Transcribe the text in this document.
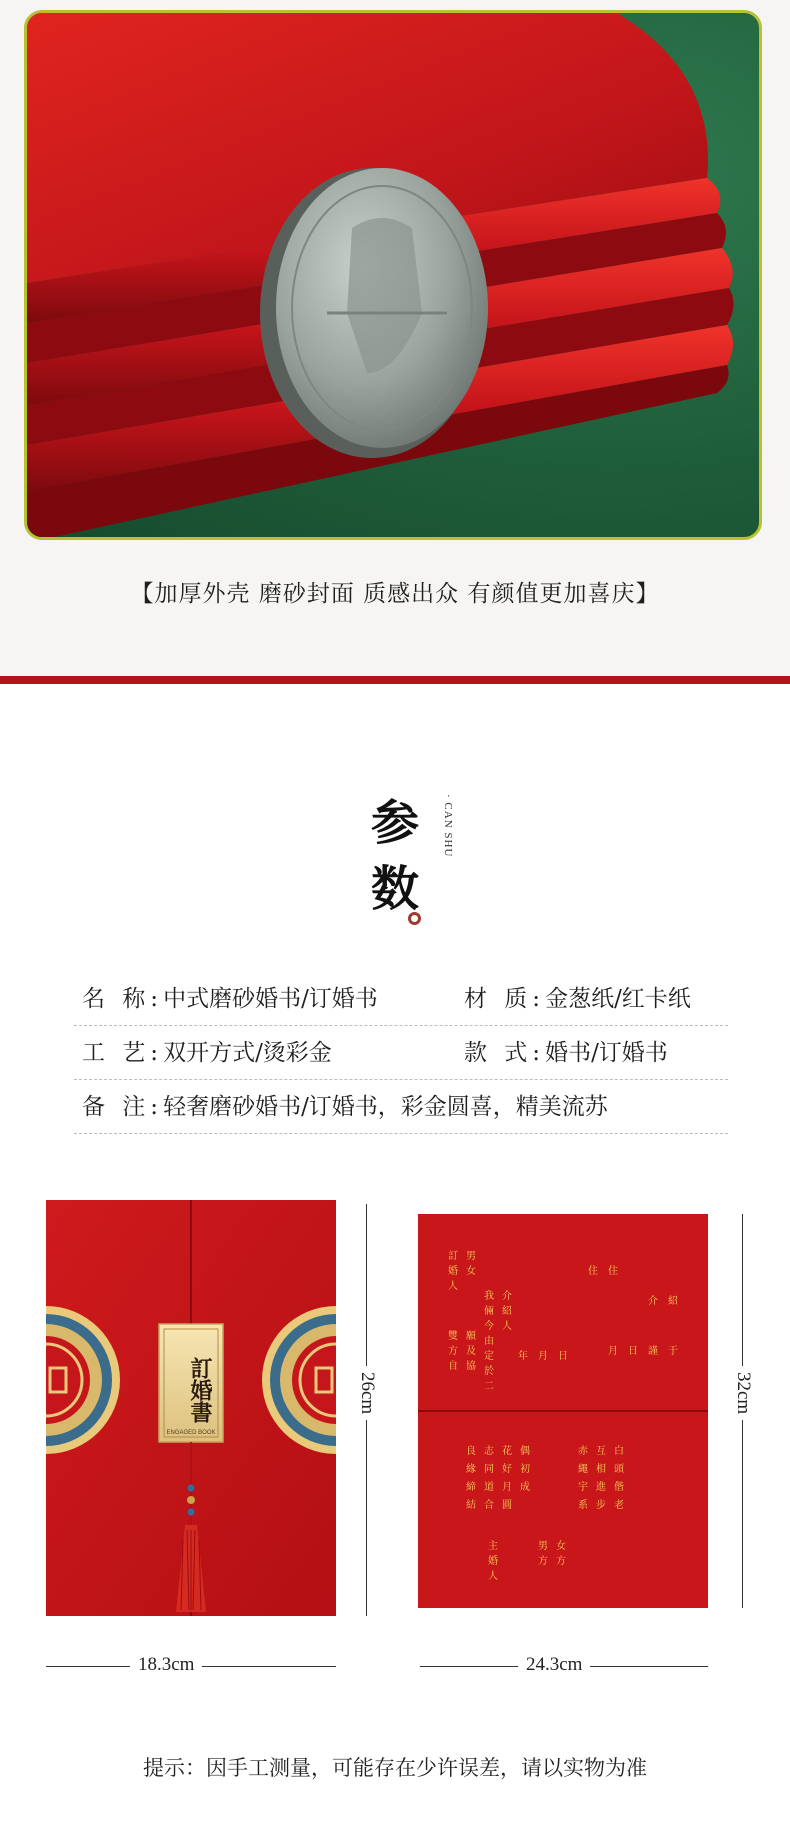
【加厚外壳 磨砂封面 质感出众 有颜值更加喜庆】
参数
· CAN SHU
名 称:中式磨砂婚书/订婚书	材 质:金葱纸/红卡纸
工 艺:双开方式/烫彩金	款 式:婚书/订婚书
备 注:轻奢磨砂婚书/订婚书，彩金圆喜，精美流苏
訂婚書
ENGAGED BOOK
26cm
18.3cm
訂
婚
人
男
女
我
倆
今
由
介
紹
人
雙
方
自
願
及
協
定
於
二
年 月 日
住 住
介 紹
謹 于
月 日
良
緣
締
結
志
同
道
合
花
好
月
圓
偶
初
成
赤
繩
宇
系
互
相
進
步
白
頭
偕
老
主
婚
人
男
方
女
方
32cm
24.3cm
提示：因手工测量，可能存在少许误差，请以实物为准
